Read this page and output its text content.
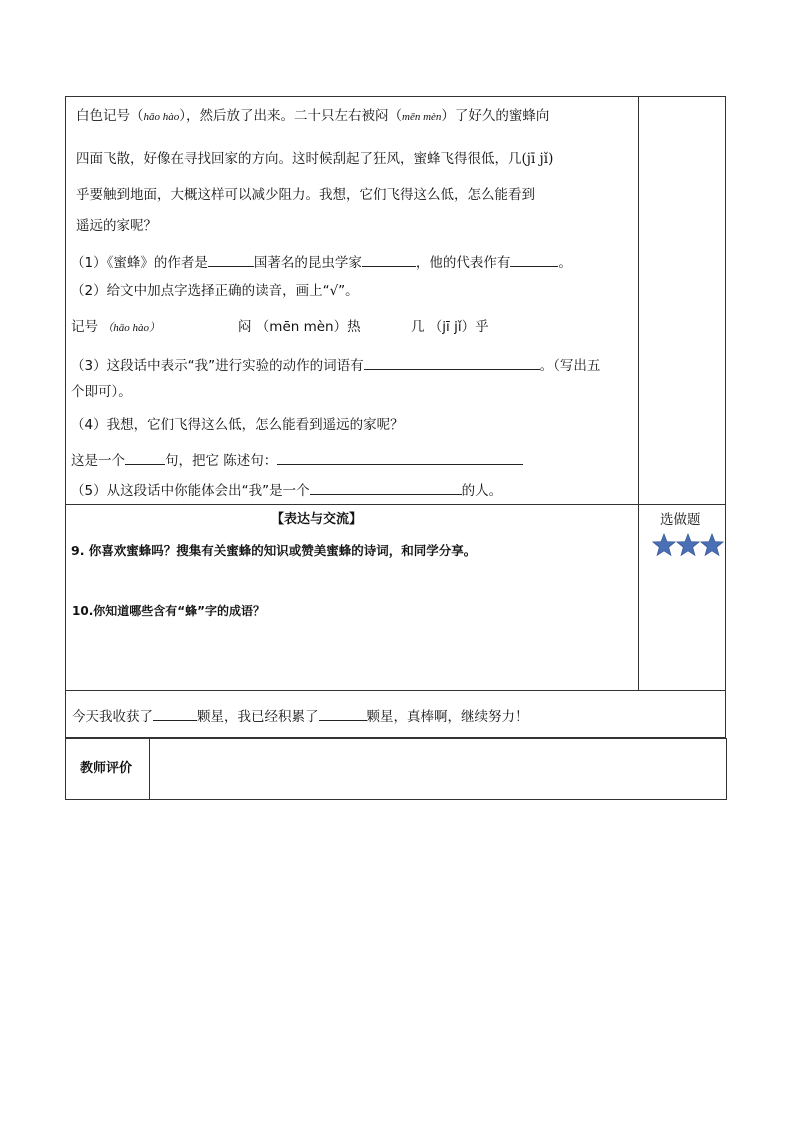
白色记号（hāo hào），然后放了出来。二十只左右被闷（mēn mèn）了好久的蜜蜂向
四面飞散，好像在寻找回家的方向。这时候刮起了狂风，蜜蜂飞得很低，几(jī jǐ)
乎要触到地面，大概这样可以减少阻力。我想，它们飞得这么低，怎么能看到
遥远的家呢？
（1）《蜜蜂》的作者是	国著名的昆虫学家	，他的代表作有	。
（2）给文中加点字选择正确的读音，画上“√”。
记号 （hāo hào）	闷 （mēn mèn）热	几 （jī jǐ）乎
（3）这段话中表示“我”进行实验的动作的词语有	。（写出五
个即可）。
（4）我想，它们飞得这么低，怎么能看到遥远的家呢？
这是一个	句，把它 陈述句：
（5）从这段话中你能体会出“我”是一个	的人。
【表达与交流】
9. 你喜欢蜜蜂吗？搜集有关蜜蜂的知识或赞美蜜蜂的诗词，和同学分享。
10.你知道哪些含有“蜂”字的成语？
选做题
今天我收获了	颗星，我已经积累了	颗星，真棒啊，继续努力！
教师评价
